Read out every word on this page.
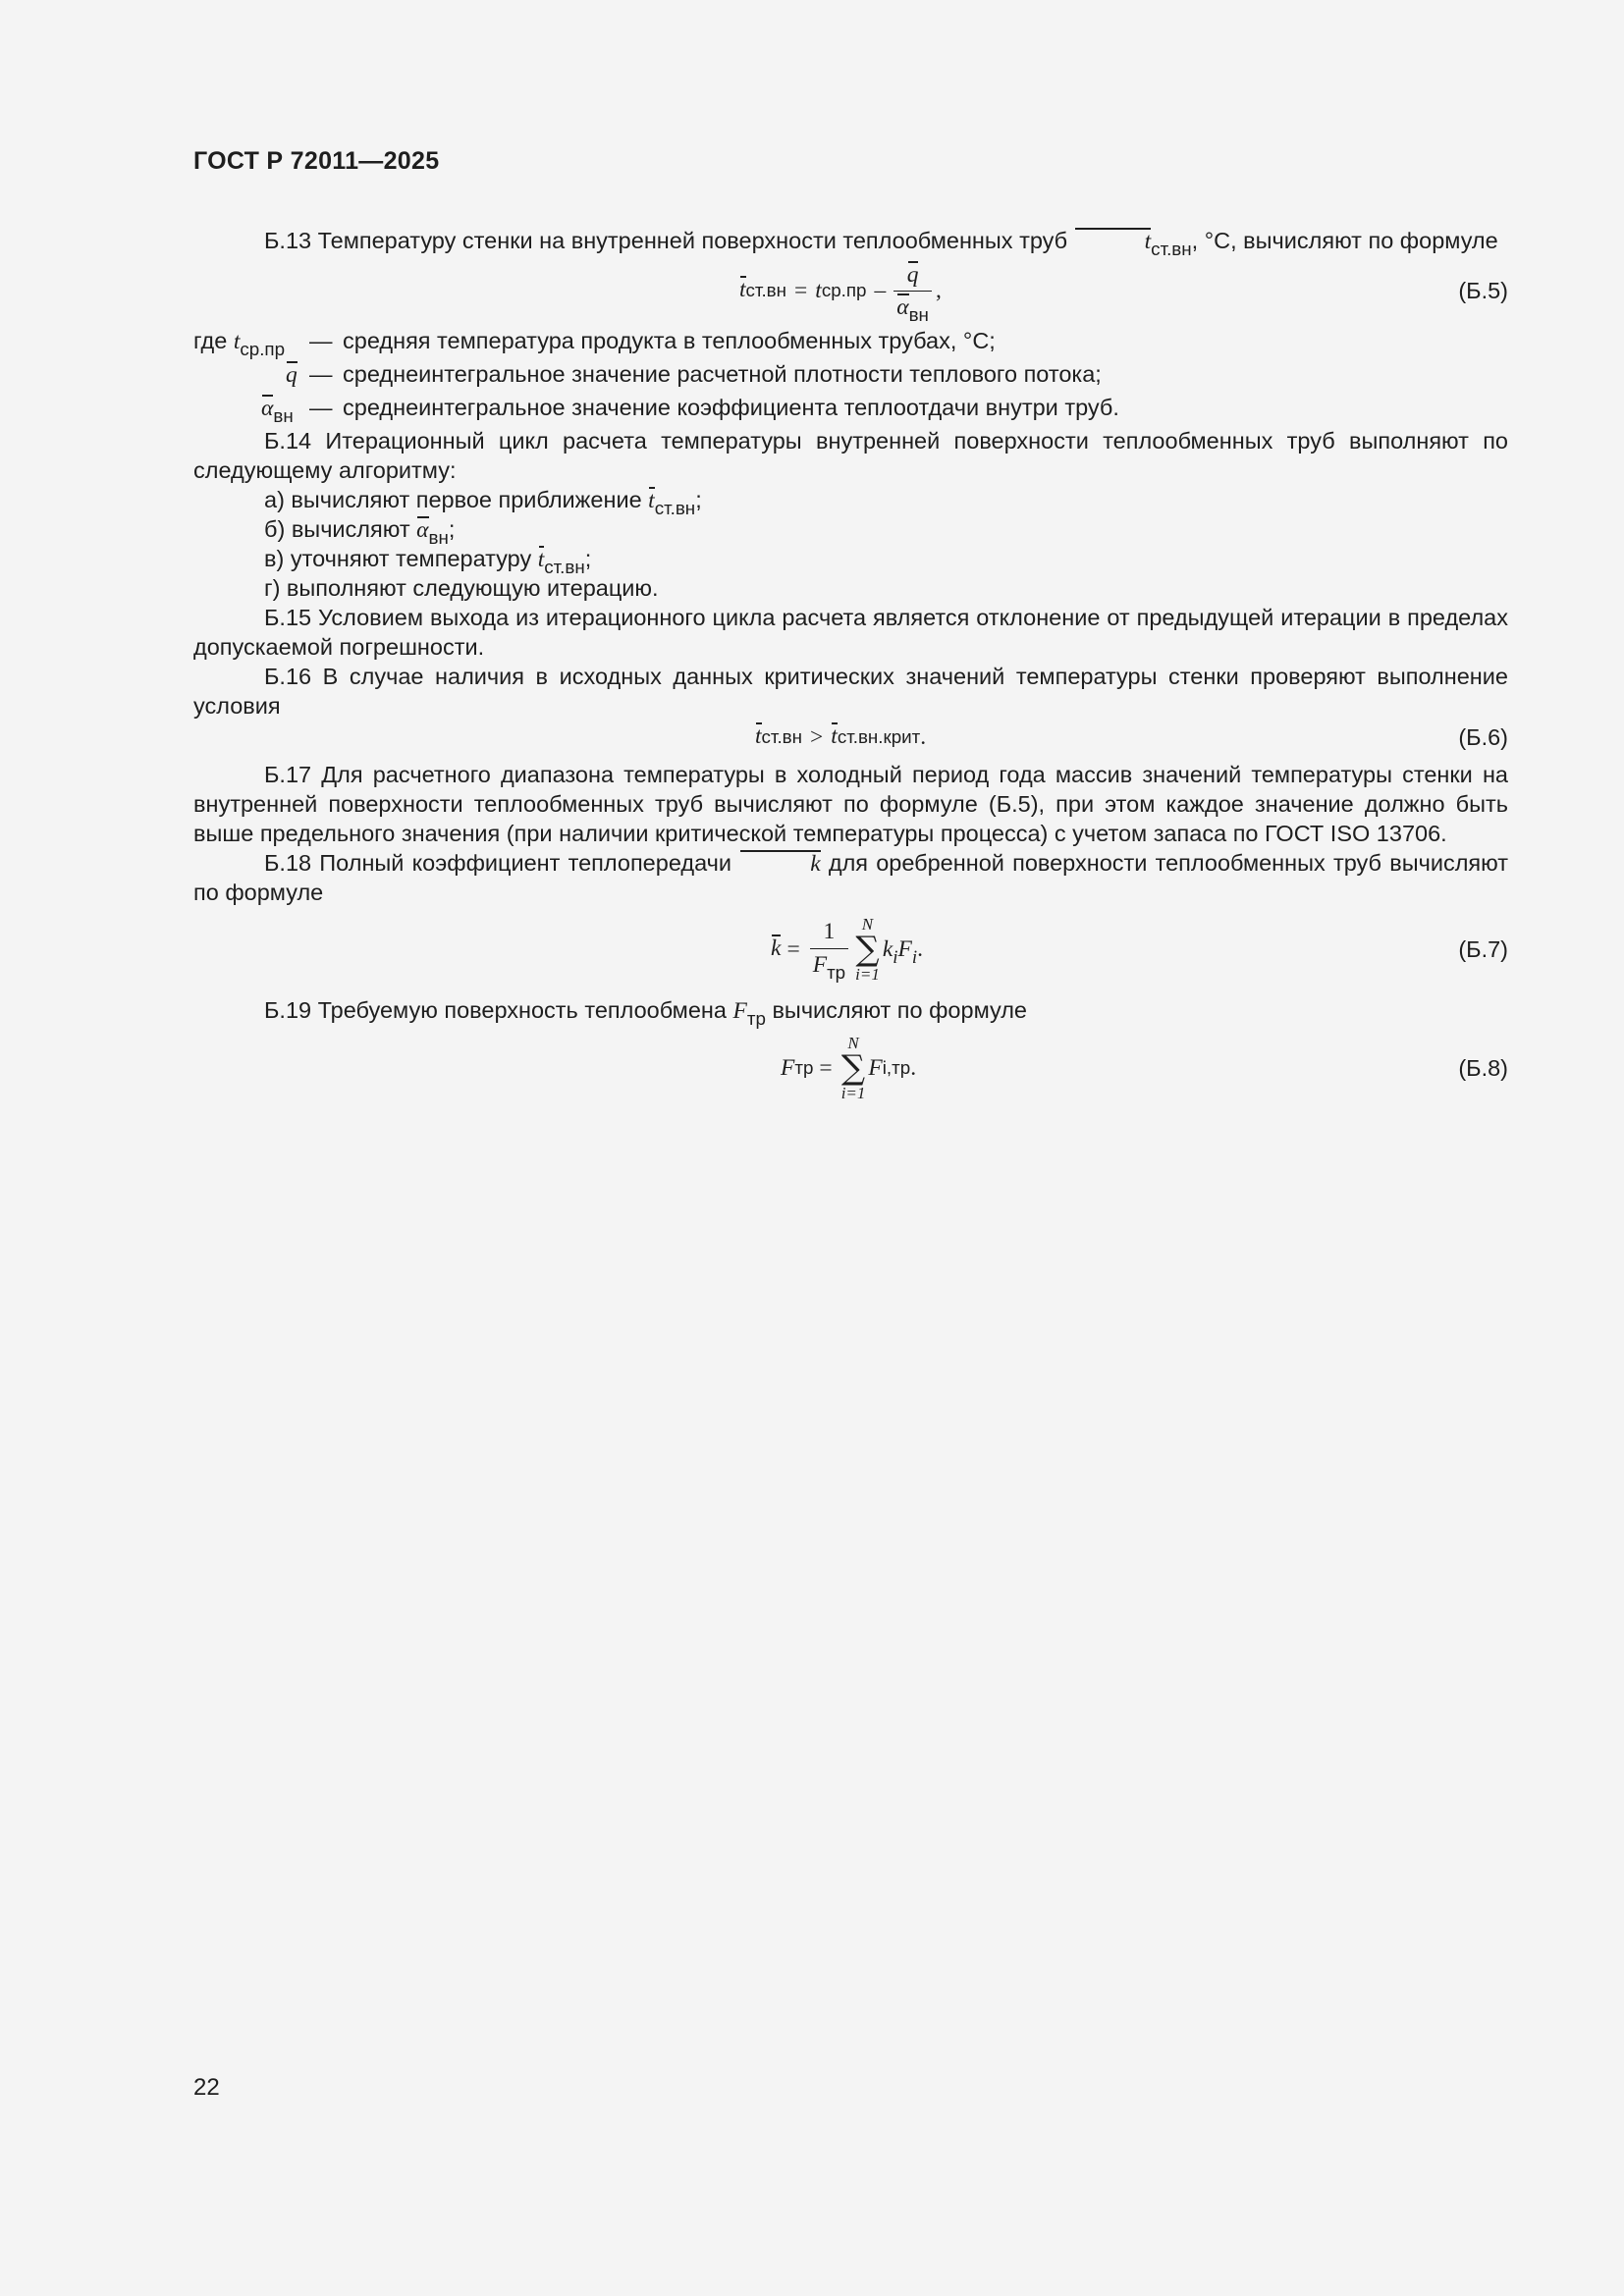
ГОСТ Р 72011—2025

Б.13 Температуру стенки на внутренней поверхности теплообменных труб	$t_{ст.вн}$, °C, вычисляют по формуле

t ст.вн = t $ср.пр - \frac{q}{\alpha_{вн}}$ ,	(Б.5)
где $t_{ср.пр}$ — средняя температура продукта в теплообменных трубах, °C;
q — среднеинтегральное значение расчетной плотности теплового потока;
$\alpha_{вн}$ — среднеинтегральное значение коэффициента теплоотдачи внутри труб.

Б.14 Итерационный цикл расчета температуры внутренней поверхности теплообменных труб выполняют по следующему алгоритму:

а) вычисляют первое приближение $t_{ст.вн}$;
б) вычисляют $\alpha_{вн}$;
в) уточняют температуру $t_{ст.вн}$;
г) выполняют следующую итерацию.

Б.15 Условием выхода из итерационного цикла расчета является отклонение от предыдущей итерации в пределах допускаемой погрешности.

Б.16 В случае наличия в исходных данных критических значений температуры стенки проверяют выполнение условия

t ст.вн > t ст.вн.крит .	(Б.6)

Б.17 Для расчетного диапазона температуры в холодный период года массив значений температуры стенки на внутренней поверхности теплообменных труб вычисляют по формуле (Б.5), при этом каждое значение должно быть выше предельного значения (при наличии критической температуры процесса) с учетом запаса по ГОСТ ISO 13706.

Б.18 Полный коэффициент теплопередачи	k для оребренной поверхности теплообменных труб вычисляют по формуле

$k = \frac{1}{F_{тр}}$ N
∑
i=1
$k_iF_i$ .	(Б.7)

Б.19 Требуемую поверхность теплообмена $F_{тр}$ вычисляют по формуле

F тр =
N
∑
i=1
F i,тр .	(Б.8)
22
